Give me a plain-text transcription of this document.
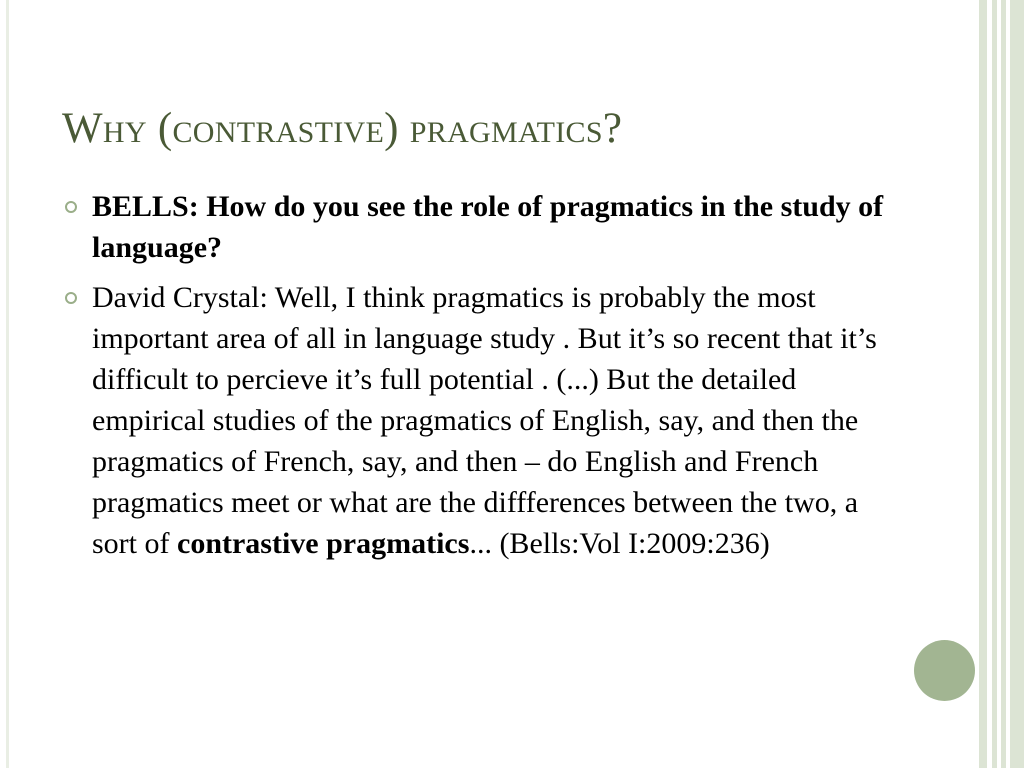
Why (contrastive) pragmatics?
BELLS: How do you see the role of pragmatics in the study of language?
David Crystal: Well, I think pragmatics is probably the most important area of all in language study . But it’s so recent that it’s difficult to percieve it’s full potential . (...) But the detailed empirical studies of the pragmatics of English, say, and then the pragmatics of French, say, and then – do English and French pragmatics meet or what are the diffferences between the two, a sort of contrastive pragmatics... (Bells:Vol I:2009:236)
